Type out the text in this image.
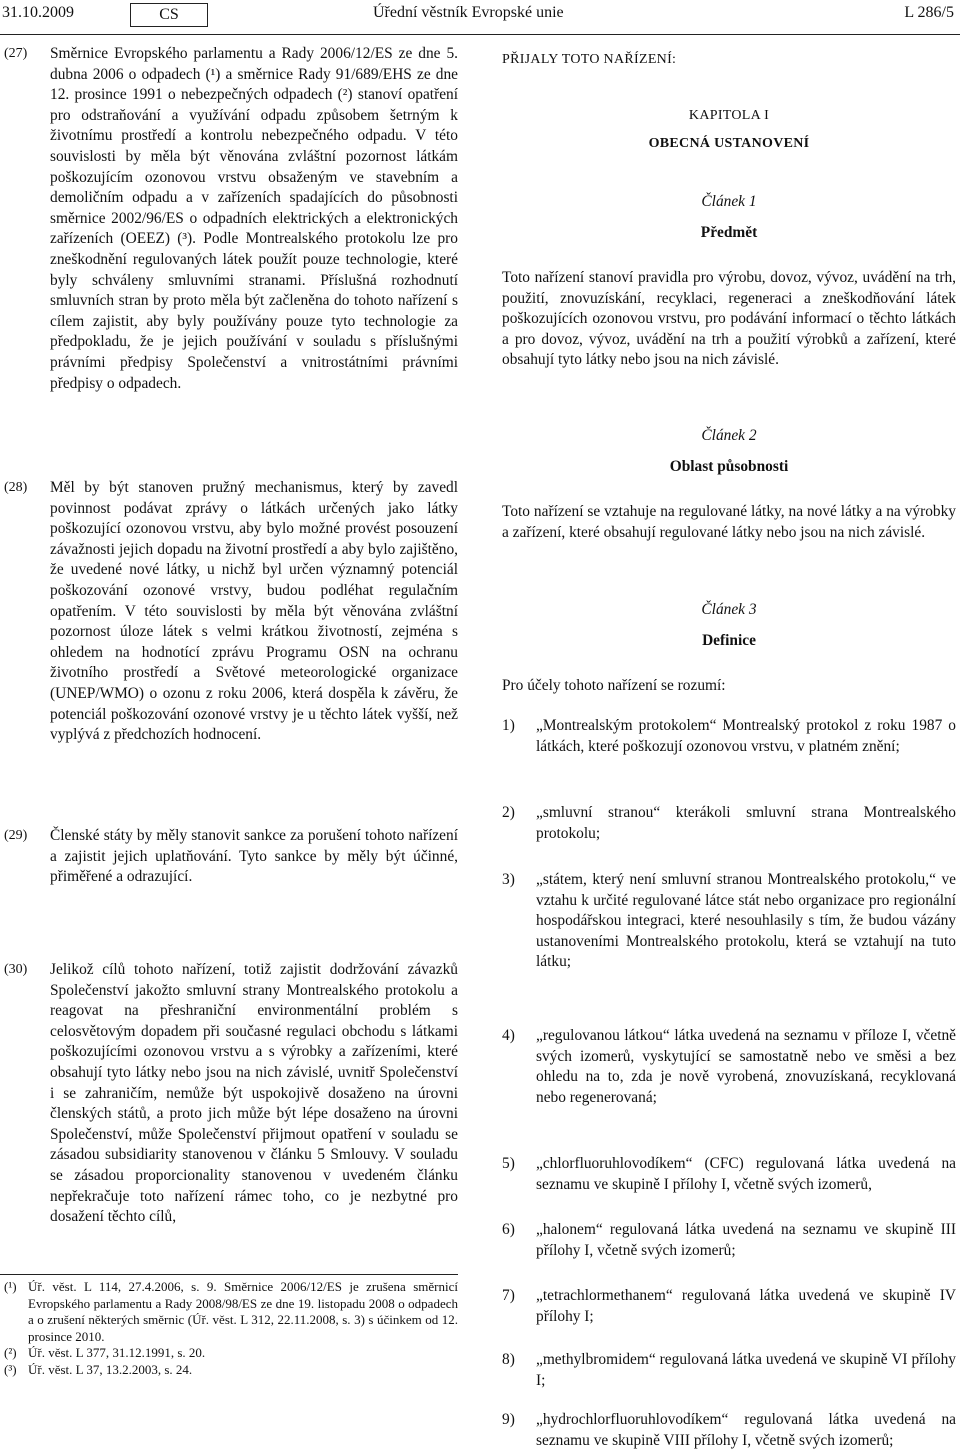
31.10.2009	CS	Úřední věstník Evropské unie	L 286/5
(27) Směrnice Evropského parlamentu a Rady 2006/12/ES ze dne 5. dubna 2006 o odpadech (¹) a směrnice Rady 91/689/EHS ze dne 12. prosince 1991 o nebezpečných odpadech (²) stanoví opatření pro odstraňování a využívání odpadu způsobem šetrným k životnímu prostředí a kontrolu nebezpečného odpadu. V této souvislosti by měla být věnována zvláštní pozornost látkám poškozujícím ozonovou vrstvu obsaženým ve stavebním a demoličním odpadu a v zařízeních spadajících do působnosti směrnice 2002/96/ES o odpadních elektrických a elektronických zařízeních (OEEZ) (³). Podle Montrealského protokolu lze pro zneškodnění regulovaných látek použít pouze technologie, které byly schváleny smluvními stranami. Příslušná rozhodnutí smluvních stran by proto měla být začleněna do tohoto nařízení s cílem zajistit, aby byly používány pouze tyto technologie za předpokladu, že je jejich používání v souladu s příslušnými právními předpisy Společenství a vnitrostátními právními předpisy o odpadech.

(28) Měl by být stanoven pružný mechanismus, který by zavedl povinnost podávat zprávy o látkách určených jako látky poškozující ozonovou vrstvu, aby bylo možné provést posouzení závažnosti jejich dopadu na životní prostředí a aby bylo zajištěno, že uvedené nové látky, u nichž byl určen významný potenciál poškozování ozonové vrstvy, budou podléhat regulačním opatřením. V této souvislosti by měla být věnována zvláštní pozornost úloze látek s velmi krátkou životností, zejména s ohledem na hodnotící zprávu Programu OSN na ochranu životního prostředí a Světové meteorologické organizace (UNEP/WMO) o ozonu z roku 2006, která dospěla k závěru, že potenciál poškozování ozonové vrstvy je u těchto látek vyšší, než vyplývá z předchozích hodnocení.

(29) Členské státy by měly stanovit sankce za porušení tohoto nařízení a zajistit jejich uplatňování. Tyto sankce by měly být účinné, přiměřené a odrazující.

(30) Jelikož cílů tohoto nařízení, totiž zajistit dodržování závazků Společenství jakožto smluvní strany Montrealského protokolu a reagovat na přeshraniční environmentální problém s celosvětovým dopadem při současné regulaci obchodu s látkami poškozujícími ozonovou vrstvu a s výrobky a zařízeními, které obsahují tyto látky nebo jsou na nich závislé, uvnitř Společenství i se zahraničím, nemůže být uspokojivě dosaženo na úrovni členských států, a proto jich může být lépe dosaženo na úrovni Společenství, může Společenství přijmout opatření v souladu se zásadou subsidiarity stanovenou v článku 5 Smlouvy. V souladu se zásadou proporcionality stanovenou v uvedeném článku nepřekračuje toto nařízení rámec toho, co je nezbytné pro dosažení těchto cílů,

(¹) Úř. věst. L 114, 27.4.2006, s. 9. Směrnice 2006/12/ES je zrušena směrnicí Evropského parlamentu a Rady 2008/98/ES ze dne 19. listopadu 2008 o odpadech a o zrušení některých směrnic (Úř. věst. L 312, 22.11.2008, s. 3) s účinkem od 12. prosince 2010.
(²) Úř. věst. L 377, 31.12.1991, s. 20.
(³) Úř. věst. L 37, 13.2.2003, s. 24.
PŘIJALY TOTO NAŘÍZENÍ:
KAPITOLA I
OBECNÁ USTANOVENÍ
Článek 1
Předmět

Toto nařízení stanoví pravidla pro výrobu, dovoz, vývoz, uvádění na trh, použití, znovuzískání, recyklaci, regeneraci a zneškodňování látek poškozujících ozonovou vrstvu, pro podávání informací o těchto látkách a pro dovoz, vývoz, uvádění na trh a použití výrobků a zařízení, které obsahují tyto látky nebo jsou na nich závislé.

Článek 2
Oblast působnosti

Toto nařízení se vztahuje na regulované látky, na nové látky a na výrobky a zařízení, které obsahují regulované látky nebo jsou na nich závislé.

Článek 3
Definice

Pro účely tohoto nařízení se rozumí:

1) „Montrealským protokolem“ Montrealský protokol z roku 1987 o látkách, které poškozují ozonovou vrstvu, v platném znění;
2) „smluvní stranou“ kterákoli smluvní strana Montrealského protokolu;
3) „státem, který není smluvní stranou Montrealského protokolu,“ ve vztahu k určité regulované látce stát nebo organizace pro regionální hospodářskou integraci, které nesouhlasily s tím, že budou vázány ustanoveními Montrealského protokolu, která se vztahují na tuto látku;
4) „regulovanou látkou“ látka uvedená na seznamu v příloze I, včetně svých izomerů, vyskytující se samostatně nebo ve směsi a bez ohledu na to, zda je nově vyrobená, znovuzískaná, recyklovaná nebo regenerovaná;
5) „chlorfluoruhlovodíkem“ (CFC) regulovaná látka uvedená na seznamu ve skupině I přílohy I, včetně svých izomerů,
6) „halonem“ regulovaná látka uvedená na seznamu ve skupině III přílohy I, včetně svých izomerů;
7) „tetrachlormethanem“ regulovaná látka uvedená ve skupině IV přílohy I;
8) „methylbromidem“ regulovaná látka uvedená ve skupině VI přílohy I;
9) „hydrochlorfluoruhlovodíkem“ regulovaná látka uvedená na seznamu ve skupině VIII přílohy I, včetně svých izomerů;
